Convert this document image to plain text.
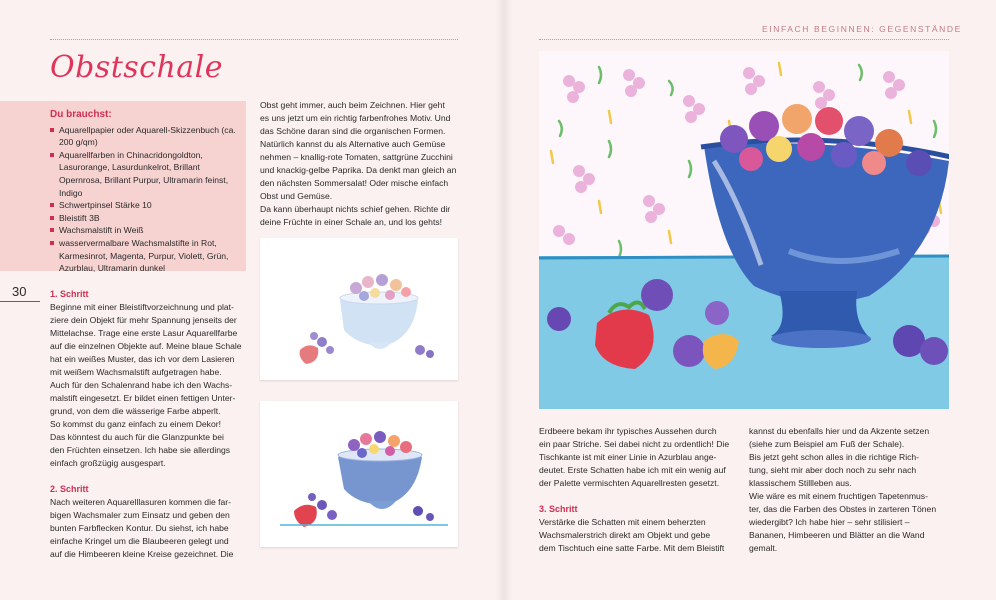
Obstschale
Du brauchst:
Aquarellpapier oder Aquarell-Skizzenbuch (ca. 200 g/qm)
Aquarellfarben in Chinacridongoldton, Lasurorange, Lasurdunkelrot, Brillant Opernrosa, Brillant Purpur, Ultramarin feinst, Indigo
Schwertpinsel Stärke 10
Bleistift 3B
Wachsmalstift in Weiß
wasservermalbare Wachsmalstifte in Rot, Karmesinrot, Magenta, Purpur, Violett, Grün, Azurblau, Ultramarin dunkel
30	1. Schritt

Beginne mit einer Bleistiftvorzeichnung und plat-

ziere dein Objekt für mehr Spannung jenseits der

Mittelachse. Trage eine erste Lasur Aquarellfarbe

auf die einzelnen Objekte auf. Meine blaue Schale

hat ein weißes Muster, das ich vor dem Lasieren

mit weißem Wachsmalstift aufgetragen habe.

Auch für den Schalenrand habe ich den Wachs-

malstift eingesetzt. Er bildet einen fettigen Unter-

grund, von dem die wässerige Farbe abperlt.

So kommst du ganz einfach zu einem Dekor!

Das könntest du auch für die Glanzpunkte bei

den Früchten einsetzen. Ich habe sie allerdings

einfach großzügig ausgespart.

2. Schritt

Nach weiteren Aquarelllasuren kommen die far-

bigen Wachsmaler zum Einsatz und geben den

bunten Farbflecken Kontur. Du siehst, ich habe

einfache Kringel um die Blaubeeren gelegt und

auf die Himbeeren kleine Kreise gezeichnet. Die

Obst geht immer, auch beim Zeichnen. Hier geht

es uns jetzt um ein richtig farbenfrohes Motiv. Und

das Schöne daran sind die organischen Formen.

Natürlich kannst du als Alternative auch Gemüse

nehmen – knallig-rote Tomaten, sattgrüne Zucchini

und knackig-gelbe Paprika. Da denkt man gleich an

den nächsten Sommersalat! Oder mische einfach

Obst und Gemüse.

Da kann überhaupt nichts schief gehen. Richte dir

deine Früchte in einer Schale an, und los gehts!

EINFACH BEGINNEN: GEGENSTÄNDE

Erdbeere bekam ihr typisches Aussehen durch

ein paar Striche. Sei dabei nicht zu ordentlich! Die

Tischkante ist mit einer Linie in Azurblau ange-

deutet. Erste Schatten habe ich mit ein wenig auf

der Palette vermischten Aquarellresten gesetzt.

3. Schritt

Verstärke die Schatten mit einem beherzten

Wachsmalerstrich direkt am Objekt und gebe

dem Tischtuch eine satte Farbe. Mit dem Bleistift

kannst du ebenfalls hier und da Akzente setzen

(siehe zum Beispiel am Fuß der Schale).

Bis jetzt geht schon alles in die richtige Rich-

tung, sieht mir aber doch noch zu sehr nach

klassischem Stillleben aus.

Wie wäre es mit einem fruchtigen Tapetenmus-

ter, das die Farben des Obstes in zarteren Tönen

wiedergibt? Ich habe hier – sehr stilisiert –

Bananen, Himbeeren und Blätter an die Wand

gemalt.
